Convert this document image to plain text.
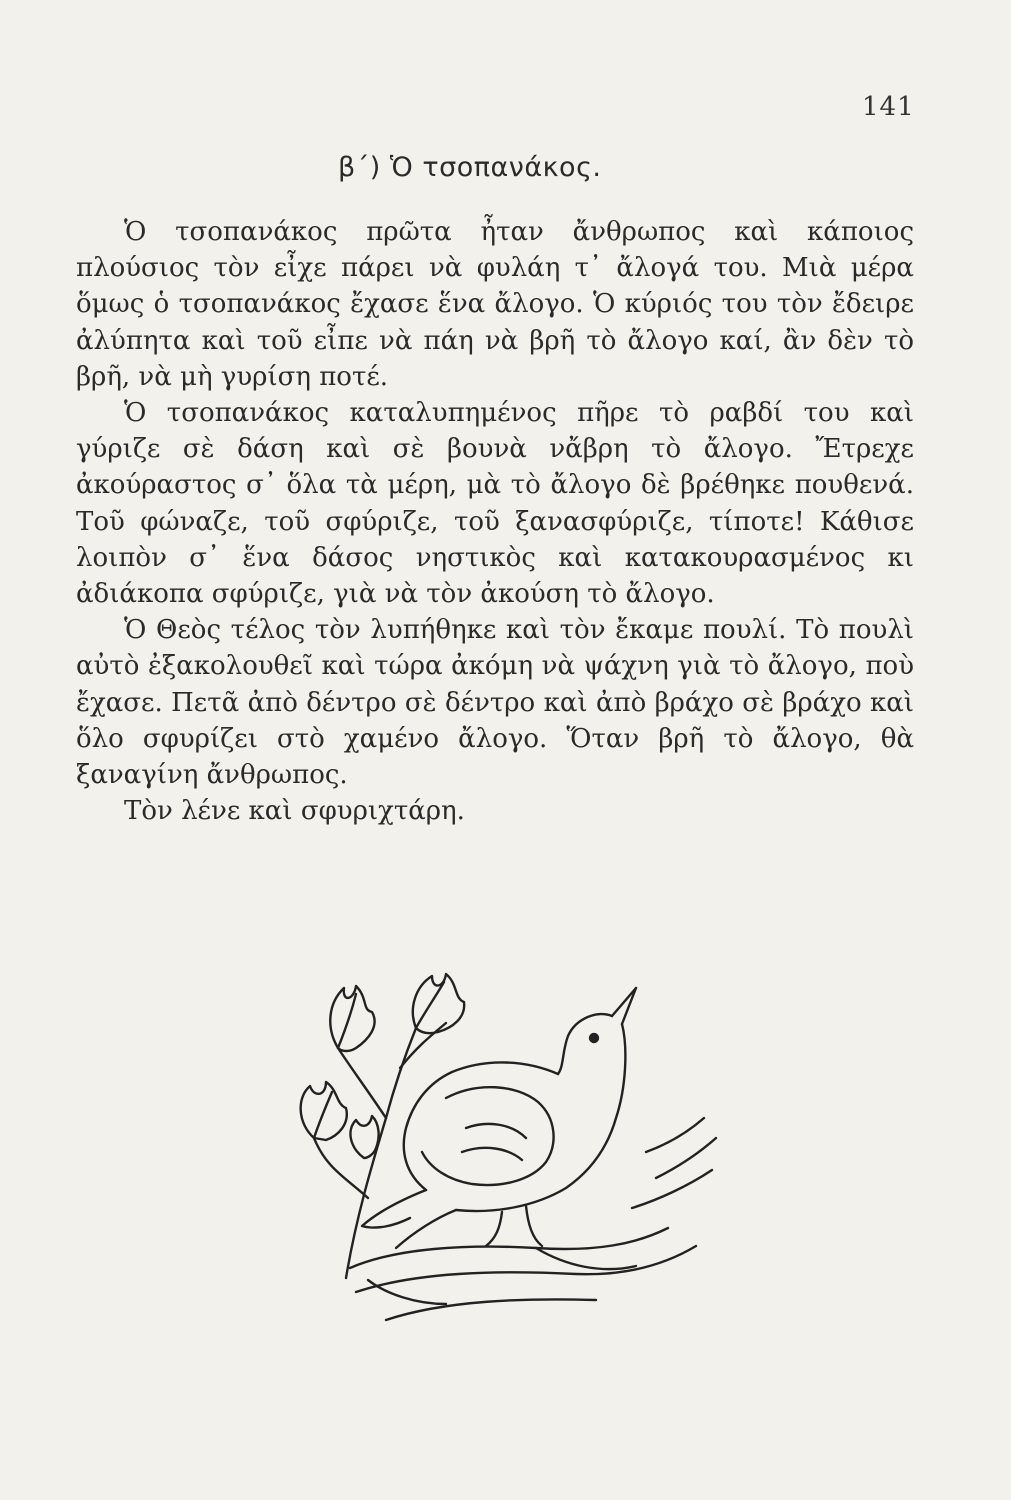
141
β΄) Ὁ τσοπανάκος.

Ὁ τσοπανάκος πρῶτα ἦταν ἄνθρωπος καὶ κάποιος πλούσιος τὸν εἶχε πάρει νὰ φυλάη τ᾽ ἄλογά του. Μιὰ μέρα ὅμως ὁ τσοπανάκος ἔχασε ἕνα ἄλογο. Ὁ κύριός του τὸν ἔδειρε ἀλύπητα καὶ τοῦ εἶπε νὰ πάη νὰ βρῆ τὸ ἄλογο καί, ἂν δὲν τὸ βρῆ, νὰ μὴ γυρίση ποτέ.

Ὁ τσοπανάκος καταλυπημένος πῆρε τὸ ραβδί του καὶ γύριζε σὲ δάση καὶ σὲ βουνὰ νἄβρη τὸ ἄλογο. Ἔτρεχε ἀκούραστος σ᾽ ὅλα τὰ μέρη, μὰ τὸ ἄλογο δὲ βρέθηκε πουθενά. Τοῦ φώναζε, τοῦ σφύριζε, τοῦ ξανασφύριζε, τίποτε! Κάθισε λοιπὸν σ᾽ ἕνα δάσος νηστικὸς καὶ κατακουρασμένος κι ἀδιάκοπα σφύριζε, γιὰ νὰ τὸν ἀκούση τὸ ἄλογο.

Ὁ Θεὸς τέλος τὸν λυπήθηκε καὶ τὸν ἔκαμε πουλί. Τὸ πουλὶ αὐτὸ ἐξακολουθεῖ καὶ τώρα ἀκόμη νὰ ψάχνη γιὰ τὸ ἄλογο, ποὺ ἔχασε. Πετᾶ ἀπὸ δέντρο σὲ δέντρο καὶ ἀπὸ βράχο σὲ βράχο καὶ ὅλο σφυρίζει στὸ χαμένο ἄλογο. Ὅταν βρῆ τὸ ἄλογο, θὰ ξαναγίνη ἄνθρωπος.

Τὸν λένε καὶ σφυριχτάρη.
